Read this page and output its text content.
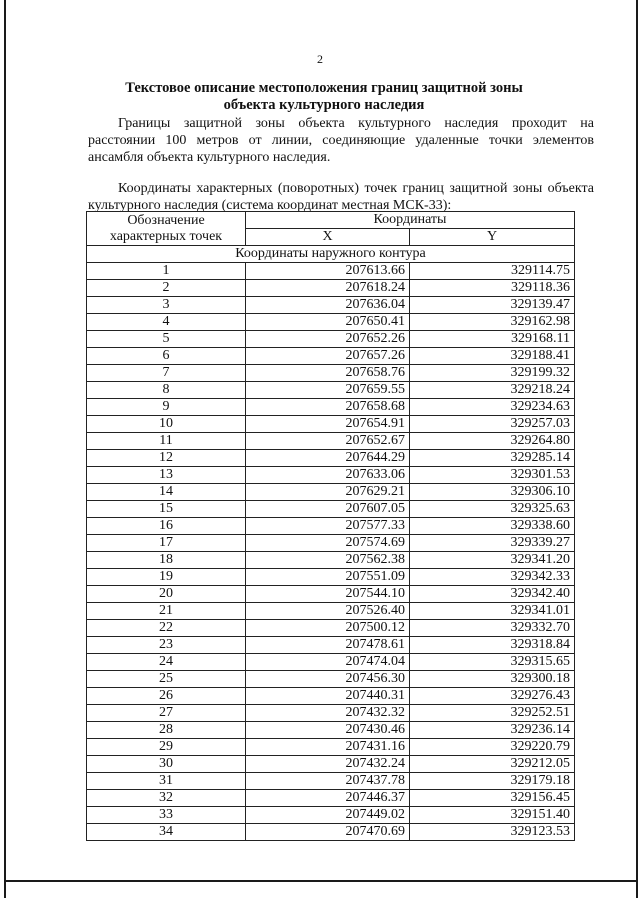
2
Текстовое описание местоположения границ защитной зоны
объекта культурного наследия
Границы защитной зоны объекта культурного наследия проходит на расстоянии 100 метров от линии, соединяющие удаленные точки элементов ансамбля объекта культурного наследия.
Координаты характерных (поворотных) точек границ защитной зоны объекта культурного наследия (система координат местная МСК-33):
Обозначение характерных точек	Координаты	
	X	Y
Координаты наружного контура		
1	207613.66	329114.75
2	207618.24	329118.36
3	207636.04	329139.47
4	207650.41	329162.98
5	207652.26	329168.11
6	207657.26	329188.41
7	207658.76	329199.32
8	207659.55	329218.24
9	207658.68	329234.63
10	207654.91	329257.03
11	207652.67	329264.80
12	207644.29	329285.14
13	207633.06	329301.53
14	207629.21	329306.10
15	207607.05	329325.63
16	207577.33	329338.60
17	207574.69	329339.27
18	207562.38	329341.20
19	207551.09	329342.33
20	207544.10	329342.40
21	207526.40	329341.01
22	207500.12	329332.70
23	207478.61	329318.84
24	207474.04	329315.65
25	207456.30	329300.18
26	207440.31	329276.43
27	207432.32	329252.51
28	207430.46	329236.14
29	207431.16	329220.79
30	207432.24	329212.05
31	207437.78	329179.18
32	207446.37	329156.45
33	207449.02	329151.40
34	207470.69	329123.53
